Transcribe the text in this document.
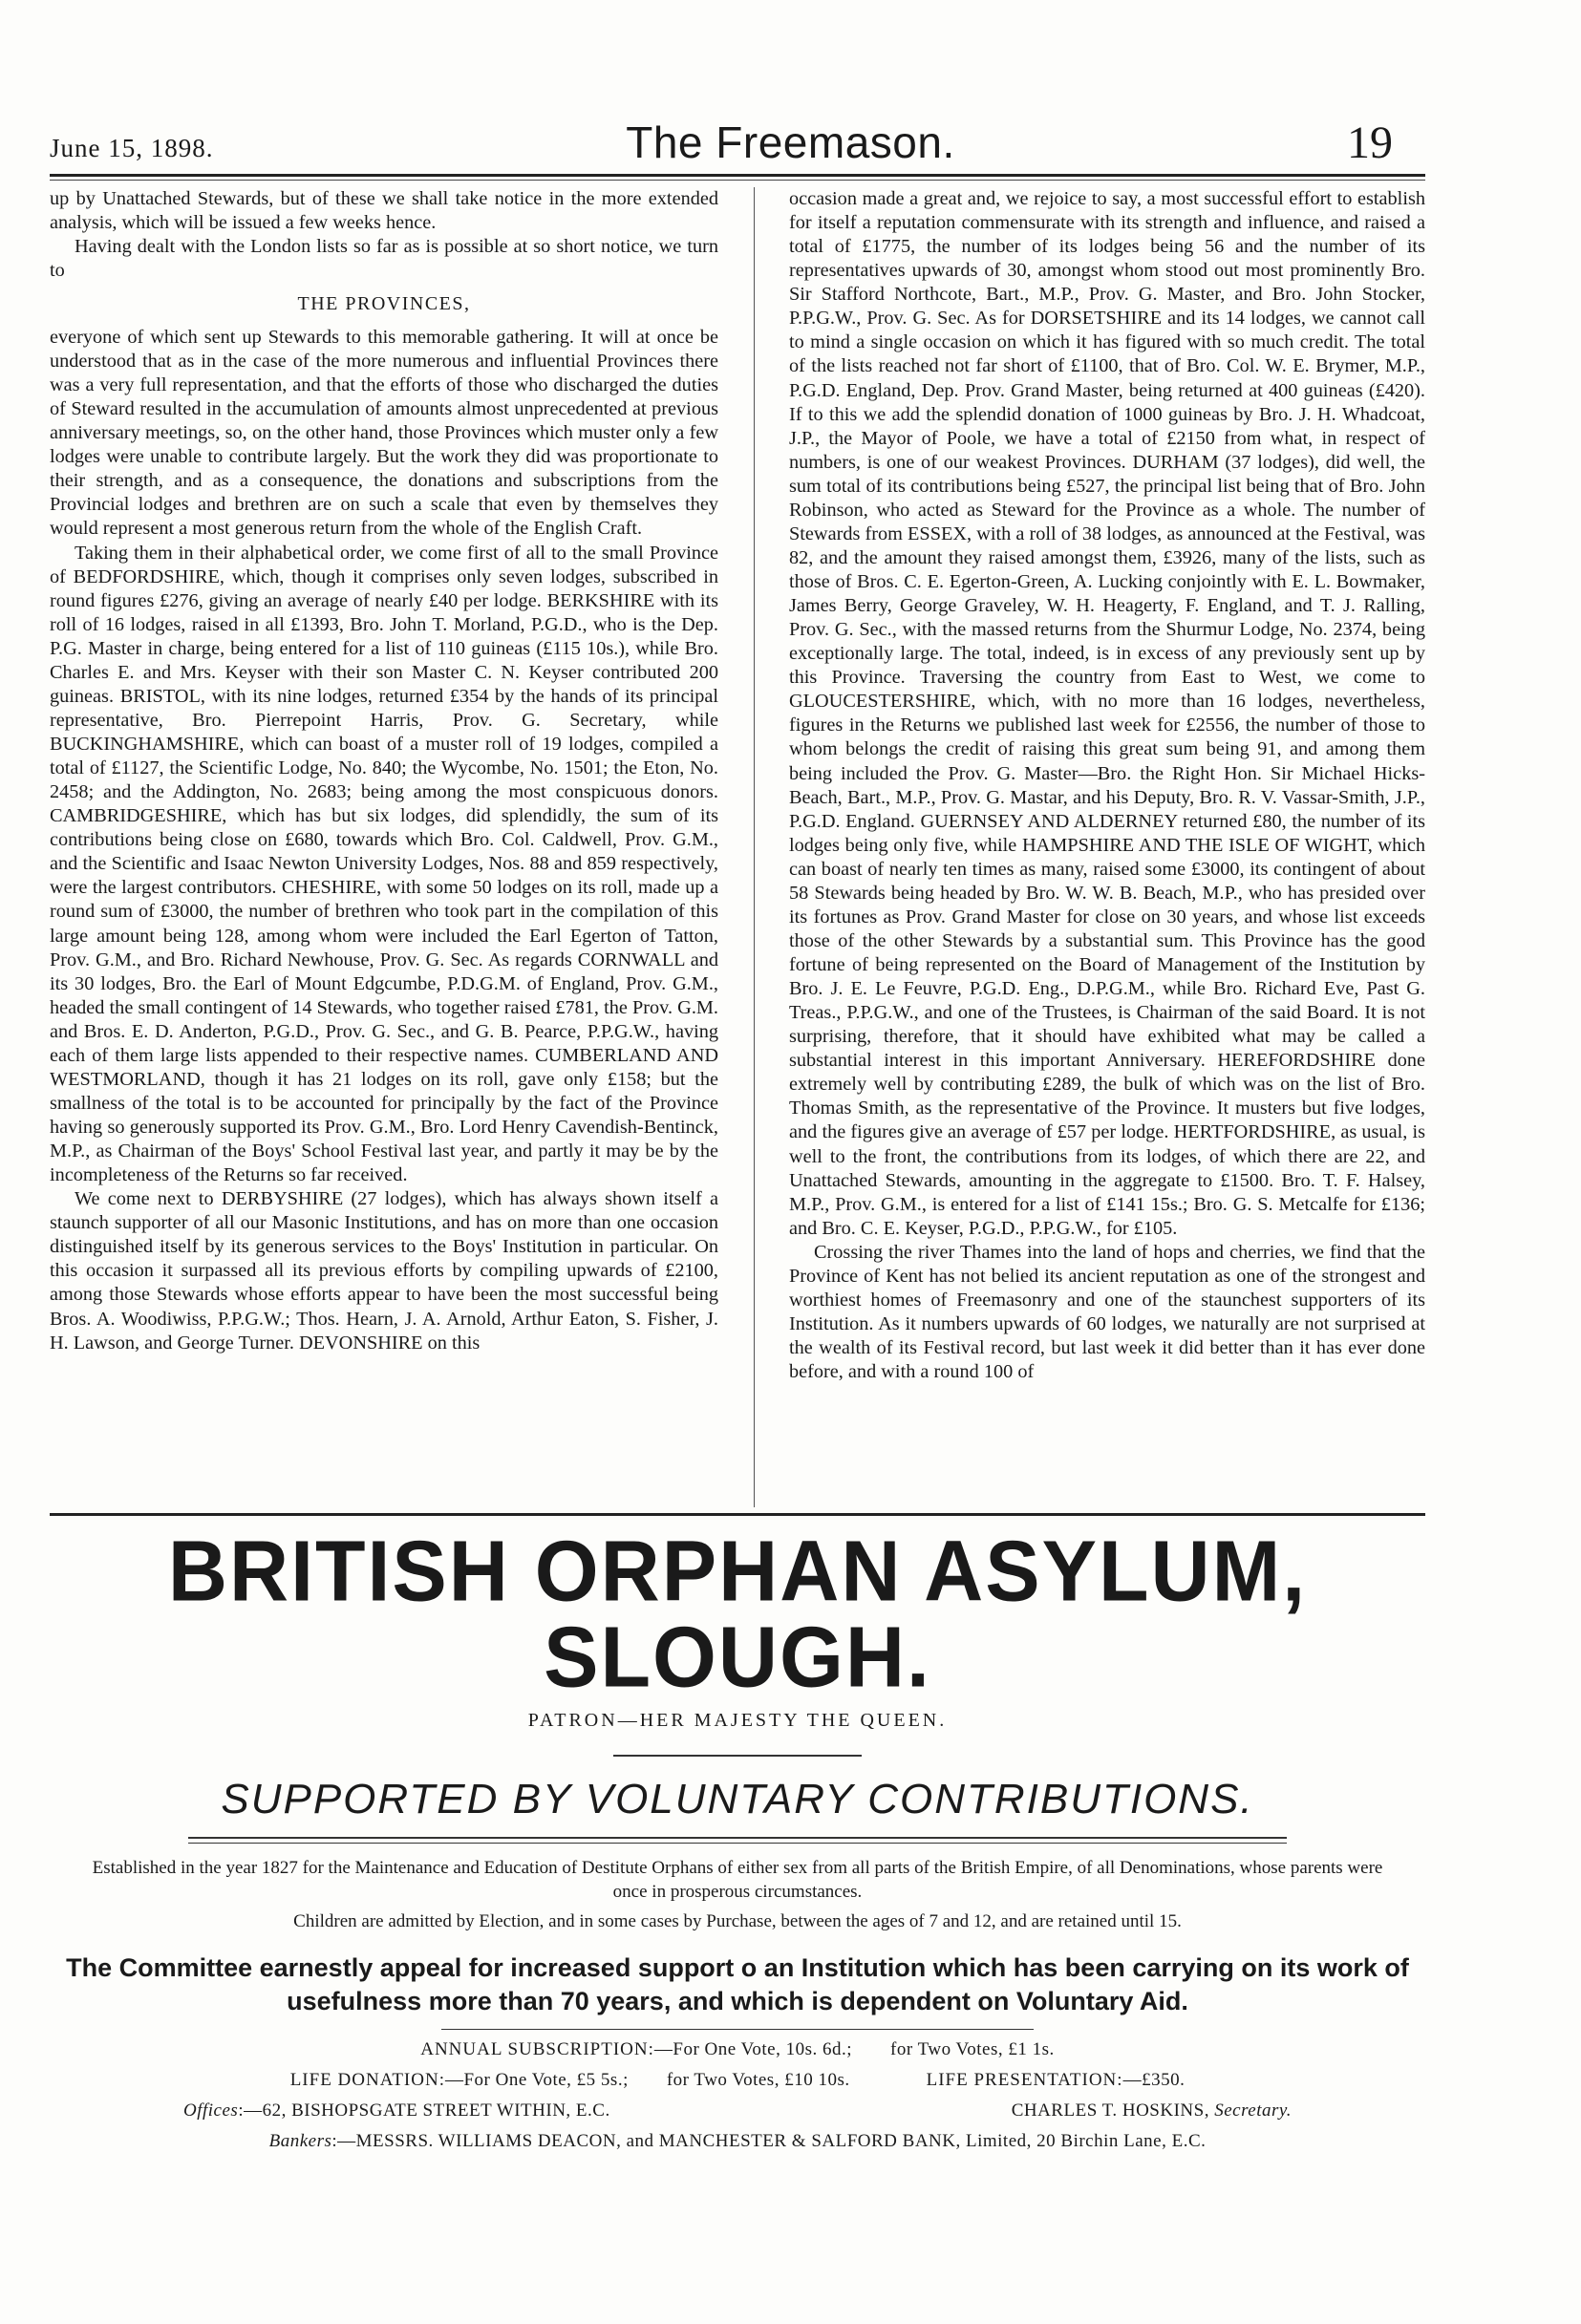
June 15, 1898.	The Freemason.	19

up by Unattached Stewards, but of these we shall take notice in the more extended analysis, which will be issued a few weeks hence.

Having dealt with the London lists so far as is possible at so short notice, we turn to

THE PROVINCES,

everyone of which sent up Stewards to this memorable gathering. It will at once be understood that as in the case of the more numerous and influential Provinces there was a very full representation, and that the efforts of those who discharged the duties of Steward resulted in the accumulation of amounts almost unprecedented at previous anniversary meetings, so, on the other hand, those Provinces which muster only a few lodges were unable to contribute largely. But the work they did was proportionate to their strength, and as a consequence, the donations and subscriptions from the Provincial lodges and brethren are on such a scale that even by themselves they would represent a most generous return from the whole of the English Craft.

Taking them in their alphabetical order, we come first of all to the small Province of BEDFORDSHIRE, which, though it comprises only seven lodges, subscribed in round figures £276, giving an average of nearly £40 per lodge. BERKSHIRE with its roll of 16 lodges, raised in all £1393, Bro. John T. Morland, P.G.D., who is the Dep. P.G. Master in charge, being entered for a list of 110 guineas (£115 10s.), while Bro. Charles E. and Mrs. Keyser with their son Master C. N. Keyser contributed 200 guineas. BRISTOL, with its nine lodges, returned £354 by the hands of its principal representative, Bro. Pierrepoint Harris, Prov. G. Secretary, while BUCKINGHAMSHIRE, which can boast of a muster roll of 19 lodges, compiled a total of £1127, the Scientific Lodge, No. 840; the Wycombe, No. 1501; the Eton, No. 2458; and the Addington, No. 2683; being among the most conspicuous donors. CAMBRIDGESHIRE, which has but six lodges, did splendidly, the sum of its contributions being close on £680, towards which Bro. Col. Caldwell, Prov. G.M., and the Scientific and Isaac Newton University Lodges, Nos. 88 and 859 respectively, were the largest contributors. CHESHIRE, with some 50 lodges on its roll, made up a round sum of £3000, the number of brethren who took part in the compilation of this large amount being 128, among whom were included the Earl Egerton of Tatton, Prov. G.M., and Bro. Richard Newhouse, Prov. G. Sec. As regards CORNWALL and its 30 lodges, Bro. the Earl of Mount Edgcumbe, P.D.G.M. of England, Prov. G.M., headed the small contingent of 14 Stewards, who together raised £781, the Prov. G.M. and Bros. E. D. Anderton, P.G.D., Prov. G. Sec., and G. B. Pearce, P.P.G.W., having each of them large lists appended to their respective names. CUMBERLAND AND WESTMORLAND, though it has 21 lodges on its roll, gave only £158; but the smallness of the total is to be accounted for principally by the fact of the Province having so generously supported its Prov. G.M., Bro. Lord Henry Cavendish-Bentinck, M.P., as Chairman of the Boys' School Festival last year, and partly it may be by the incompleteness of the Returns so far received.

We come next to DERBYSHIRE (27 lodges), which has always shown itself a staunch supporter of all our Masonic Institutions, and has on more than one occasion distinguished itself by its generous services to the Boys' Institution in particular. On this occasion it surpassed all its previous efforts by compiling upwards of £2100, among those Stewards whose efforts appear to have been the most successful being Bros. A. Woodiwiss, P.P.G.W.; Thos. Hearn, J. A. Arnold, Arthur Eaton, S. Fisher, J. H. Lawson, and George Turner. DEVONSHIRE on this

occasion made a great and, we rejoice to say, a most successful effort to establish for itself a reputation commensurate with its strength and influence, and raised a total of £1775, the number of its lodges being 56 and the number of its representatives upwards of 30, amongst whom stood out most prominently Bro. Sir Stafford Northcote, Bart., M.P., Prov. G. Master, and Bro. John Stocker, P.P.G.W., Prov. G. Sec. As for DORSETSHIRE and its 14 lodges, we cannot call to mind a single occasion on which it has figured with so much credit. The total of the lists reached not far short of £1100, that of Bro. Col. W. E. Brymer, M.P., P.G.D. England, Dep. Prov. Grand Master, being returned at 400 guineas (£420). If to this we add the splendid donation of 1000 guineas by Bro. J. H. Whadcoat, J.P., the Mayor of Poole, we have a total of £2150 from what, in respect of numbers, is one of our weakest Provinces. DURHAM (37 lodges), did well, the sum total of its contributions being £527, the principal list being that of Bro. John Robinson, who acted as Steward for the Province as a whole. The number of Stewards from ESSEX, with a roll of 38 lodges, as announced at the Festival, was 82, and the amount they raised amongst them, £3926, many of the lists, such as those of Bros. C. E. Egerton-Green, A. Lucking conjointly with E. L. Bowmaker, James Berry, George Graveley, W. H. Heagerty, F. England, and T. J. Ralling, Prov. G. Sec., with the massed returns from the Shurmur Lodge, No. 2374, being exceptionally large. The total, indeed, is in excess of any previously sent up by this Province. Traversing the country from East to West, we come to GLOUCESTERSHIRE, which, with no more than 16 lodges, nevertheless, figures in the Returns we published last week for £2556, the number of those to whom belongs the credit of raising this great sum being 91, and among them being included the Prov. G. Master—Bro. the Right Hon. Sir Michael Hicks-Beach, Bart., M.P., Prov. G. Mastar, and his Deputy, Bro. R. V. Vassar-Smith, J.P., P.G.D. England. GUERNSEY AND ALDERNEY returned £80, the number of its lodges being only five, while HAMPSHIRE AND THE ISLE OF WIGHT, which can boast of nearly ten times as many, raised some £3000, its contingent of about 58 Stewards being headed by Bro. W. W. B. Beach, M.P., who has presided over its fortunes as Prov. Grand Master for close on 30 years, and whose list exceeds those of the other Stewards by a substantial sum. This Province has the good fortune of being represented on the Board of Management of the Institution by Bro. J. E. Le Feuvre, P.G.D. Eng., D.P.G.M., while Bro. Richard Eve, Past G. Treas., P.P.G.W., and one of the Trustees, is Chairman of the said Board. It is not surprising, therefore, that it should have exhibited what may be called a substantial interest in this important Anniversary. HEREFORDSHIRE done extremely well by contributing £289, the bulk of which was on the list of Bro. Thomas Smith, as the representative of the Province. It musters but five lodges, and the figures give an average of £57 per lodge. HERTFORDSHIRE, as usual, is well to the front, the contributions from its lodges, of which there are 22, and Unattached Stewards, amounting in the aggregate to £1500. Bro. T. F. Halsey, M.P., Prov. G.M., is entered for a list of £141 15s.; Bro. G. S. Metcalfe for £136; and Bro. C. E. Keyser, P.G.D., P.P.G.W., for £105.

Crossing the river Thames into the land of hops and cherries, we find that the Province of Kent has not belied its ancient reputation as one of the strongest and worthiest homes of Freemasonry and one of the staunchest supporters of its Institution. As it numbers upwards of 60 lodges, we naturally are not surprised at the wealth of its Festival record, but last week it did better than it has ever done before, and with a round 100 of

BRITISH ORPHAN ASYLUM, SLOUGH.
PATRON—HER MAJESTY THE QUEEN.
SUPPORTED BY VOLUNTARY CONTRIBUTIONS.
Established in the year 1827 for the Maintenance and Education of Destitute Orphans of either sex from all parts of the British Empire, of all Denominations, whose parents were once in prosperous circumstances.
Children are admitted by Election, and in some cases by Purchase, between the ages of 7 and 12, and are retained until 15.
The Committee earnestly appeal for increased support o an Institution which has been carrying on its work of usefulness more than 70 years, and which is dependent on Voluntary Aid.
ANNUAL SUBSCRIPTION:—For One Vote, 10s. 6d.; for Two Votes, £1 1s.
LIFE DONATION:—For One Vote, £5 5s.; for Two Votes, £10 10s.	LIFE PRESENTATION:—£350.
Offices:—62, BISHOPSGATE STREET WITHIN, E.C.	CHARLES T. HOSKINS, Secretary.
Bankers:—MESSRS. WILLIAMS DEACON, and MANCHESTER & SALFORD BANK, Limited, 20 Birchin Lane, E.C.
